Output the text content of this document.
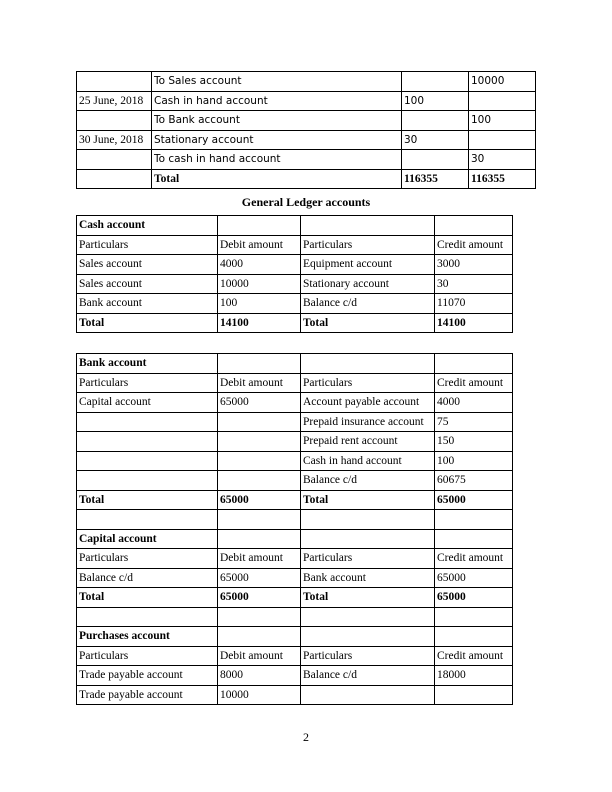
	To Sales account		10000
25 June, 2018	Cash in hand account	100	
	To Bank account		100
30 June, 2018	Stationary account	30	
	To cash in hand account		30
	Total	116355	116355
General Ledger accounts
Cash account			
Particulars	Debit amount	Particulars	Credit amount
Sales account	4000	Equipment account	3000
Sales account	10000	Stationary account	30
Bank account	100	Balance c/d	11070
Total	14100	Total	14100
Bank account			
Particulars	Debit amount	Particulars	Credit amount
Capital account	65000	Account payable account	4000
		Prepaid insurance account	75
		Prepaid rent account	150
		Cash in hand account	100
		Balance c/d	60675
Total	65000	Total	65000

Capital account			
Particulars	Debit amount	Particulars	Credit amount
Balance c/d	65000	Bank account	65000
Total	65000	Total	65000

Purchases account			
Particulars	Debit amount	Particulars	Credit amount
Trade payable account	8000	Balance c/d	18000
Trade payable account	10000		
2
